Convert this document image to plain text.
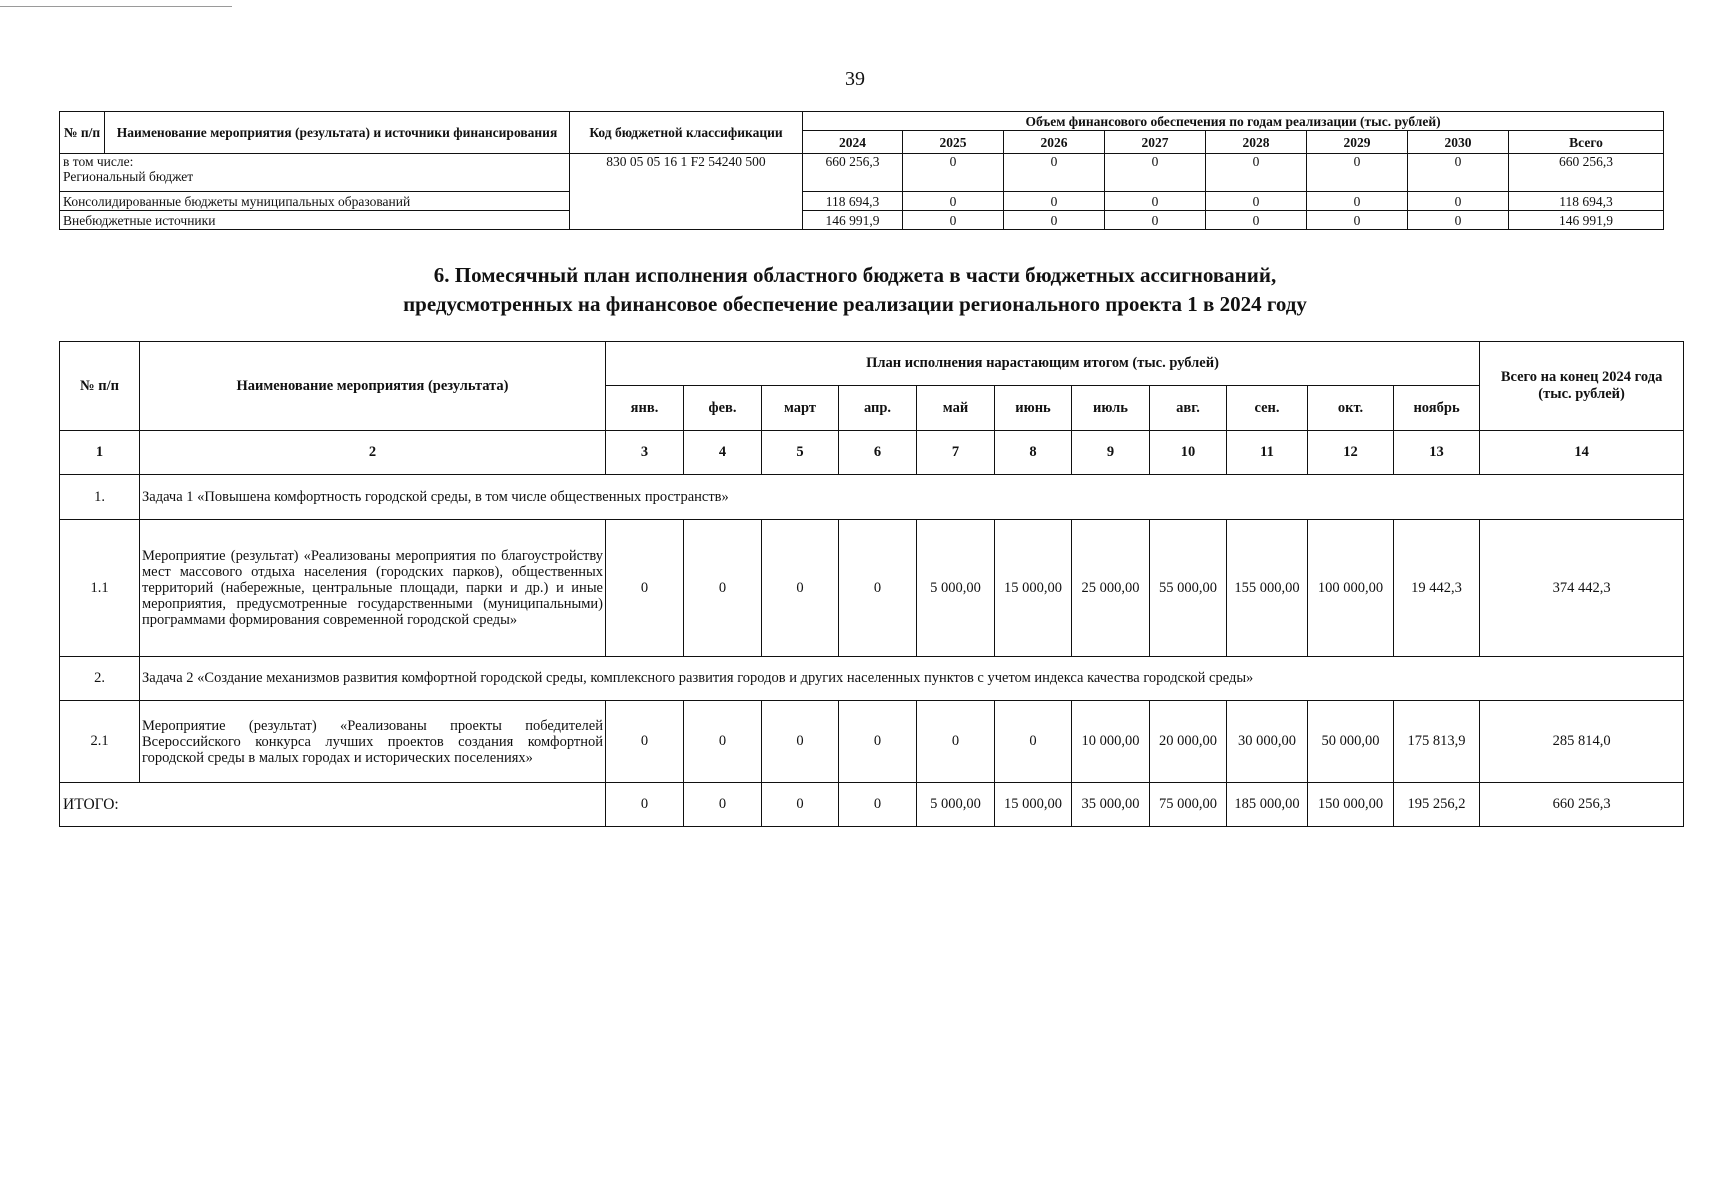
39
№ п/п	Наименование мероприятия (результата) и источники финансирования	Код бюджетной классификации	Объем финансового обеспечения по годам реализации (тыс. рублей)							
			2024	2025	2026	2027	2028	2029	2030	Всего

в том числе:
Региональный бюджет		830 05 05 16 1 F2 54240 500	660 256,3	0	0	0	0	0	0	660 256,3
Консолидированные бюджеты муниципальных образований			118 694,3	0	0	0	0	0	0	118 694,3
Внебюджетные источники			146 991,9	0	0	0	0	0	0	146 991,9
6. Помесячный план исполнения областного бюджета в части бюджетных ассигнований,
предусмотренных на финансовое обеспечение реализации регионального проекта 1 в 2024 году
№ п/п	Наименование мероприятия (результата)	План исполнения нарастающим итогом (тыс. рублей)											Всего на конец 2024 года (тыс. рублей)
		янв.	фев.	март	апр.	май	июнь	июль	авг.	сен.	окт.	ноябрь	
1	2	3	4	5	6	7	8	9	10	11	12	13	14
1.	Задача 1 «Повышена комфортность городской среды, в том числе общественных пространств»												
1.1	Мероприятие (результат) «Реализованы мероприятия по благоустройству мест массового отдыха населения (городских парков), общественных территорий (набережные, центральные площади, парки и др.) и иные мероприятия, предусмотренные государственными (муниципальными) программами формирования современной городской среды»	0	0	0	0	5 000,00	15 000,00	25 000,00	55 000,00	155 000,00	100 000,00	19 442,3	374 442,3
2.	Задача 2 «Создание механизмов развития комфортной городской среды, комплексного развития городов и других населенных пунктов с учетом индекса качества городской среды»												
2.1	Мероприятие (результат) «Реализованы проекты победителей Всероссийского конкурса лучших проектов создания комфортной городской среды в малых городах и исторических поселениях»	0	0	0	0	0	0	10 000,00	20 000,00	30 000,00	50 000,00	175 813,9	285 814,0
ИТОГО:		0	0	0	0	5 000,00	15 000,00	35 000,00	75 000,00	185 000,00	150 000,00	195 256,2	660 256,3
